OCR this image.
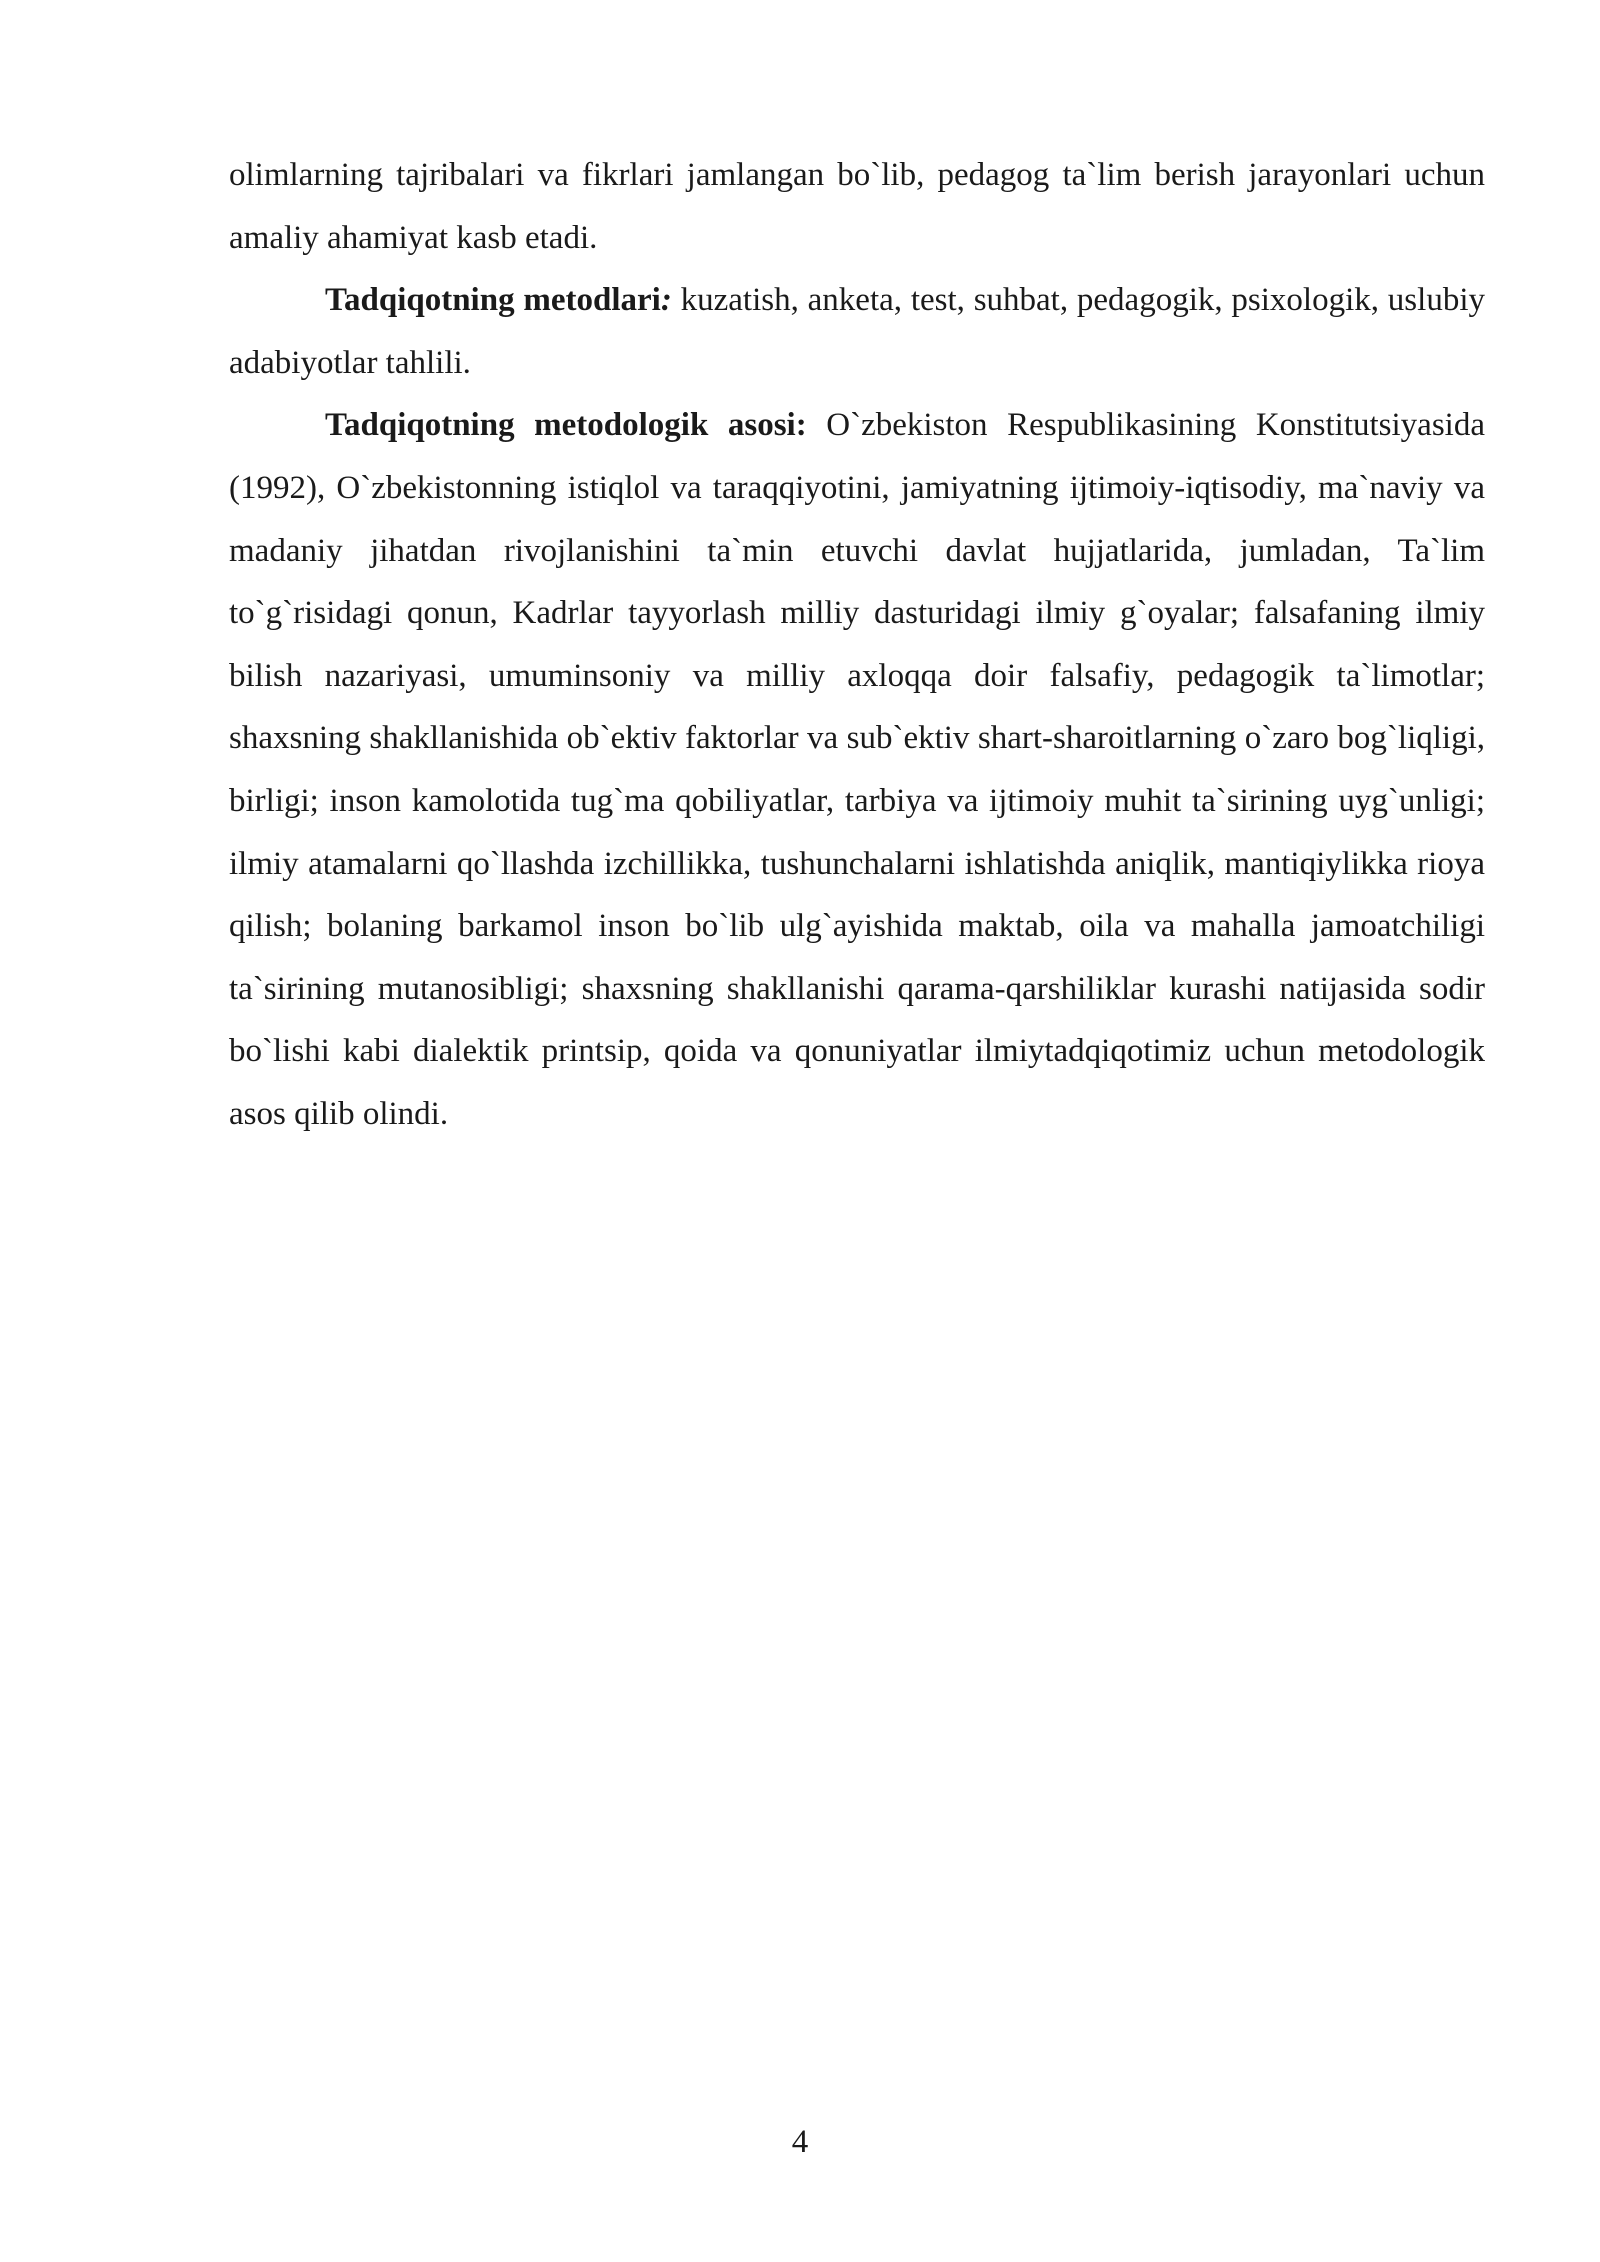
olimlarning tajribalari va fikrlari jamlangan bo`lib, pedagog ta`lim berish jarayonlari uchun amaliy ahamiyat kasb etadi.

Tadqiqotning metodlari: kuzatish, anketa, test, suhbat, pedagogik, psixologik, uslubiy adabiyotlar tahlili.

Tadqiqotning metodologik asosi: O`zbekiston Respublikasining Konstitutsiyasida (1992), O`zbekistonning istiqlol va taraqqiyotini, jamiyatning ijtimoiy-iqtisodiy, ma`naviy va madaniy jihatdan rivojlanishini ta`min etuvchi davlat hujjatlarida, jumladan, Ta`lim to`g`risidagi qonun, Kadrlar tayyorlash milliy dasturidagi ilmiy g`oyalar; falsafaning ilmiy bilish nazariyasi, umuminsoniy va milliy axloqqa doir falsafiy, pedagogik ta`limotlar; shaxsning shakllanishida ob`ektiv faktorlar va sub`ektiv shart-sharoitlarning o`zaro bog`liqligi, birligi; inson kamolotida tug`ma qobiliyatlar, tarbiya va ijtimoiy muhit ta`sirining uyg`unligi; ilmiy atamalarni qo`llashda izchillikka, tushunchalarni ishlatishda aniqlik, mantiqiylikka rioya qilish; bolaning barkamol inson bo`lib ulg`ayishida maktab, oila va mahalla jamoatchiligi ta`sirining mutanosibligi; shaxsning shakllanishi qarama-qarshiliklar kurashi natijasida sodir bo`lishi kabi dialektik printsip, qoida va qonuniyatlar ilmiytadqiqotimiz uchun metodologik asos qilib olindi.

4
